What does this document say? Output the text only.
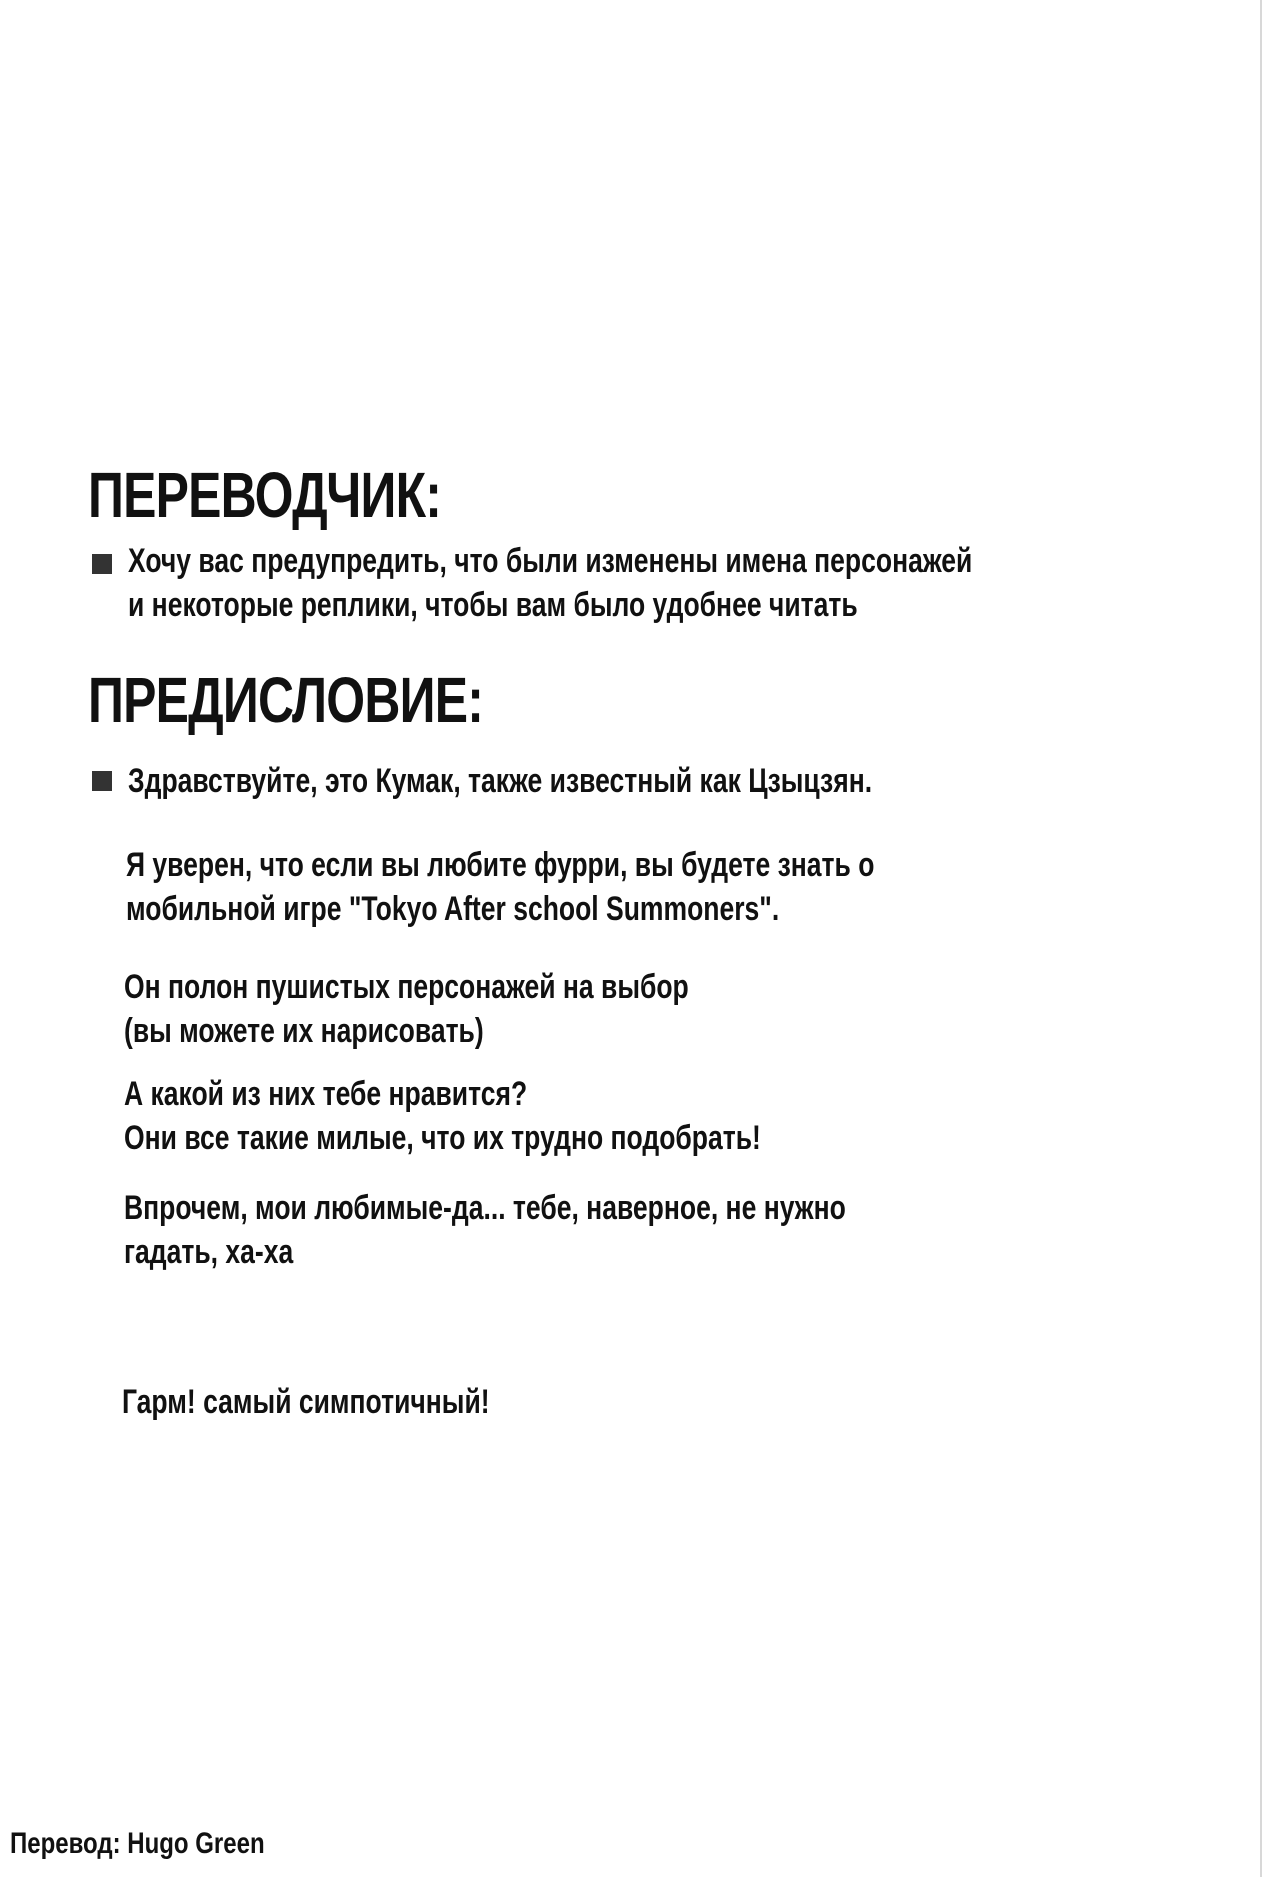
ПЕРЕВОДЧИК:
Хочу вас предупредить, что были изменены имена персонажей
и некоторые реплики, чтобы вам было удобнее читать
ПРЕДИСЛОВИЕ:
Здравствуйте, это Кумак, также известный как Цзыцзян.
Я уверен, что если вы любите фурри, вы будете знать о
мобильной игре "Tokyo After school Summoners".
Он полон пушистых персонажей на выбор
(вы можете их нарисовать)
А какой из них тебе нравится?
Они все такие милые, что их трудно подобрать!
Впрочем, мои любимые-да... тебе, наверное, не нужно
гадать, ха-ха
Гарм! самый симпотичный!
Перевод: Hugo Green
